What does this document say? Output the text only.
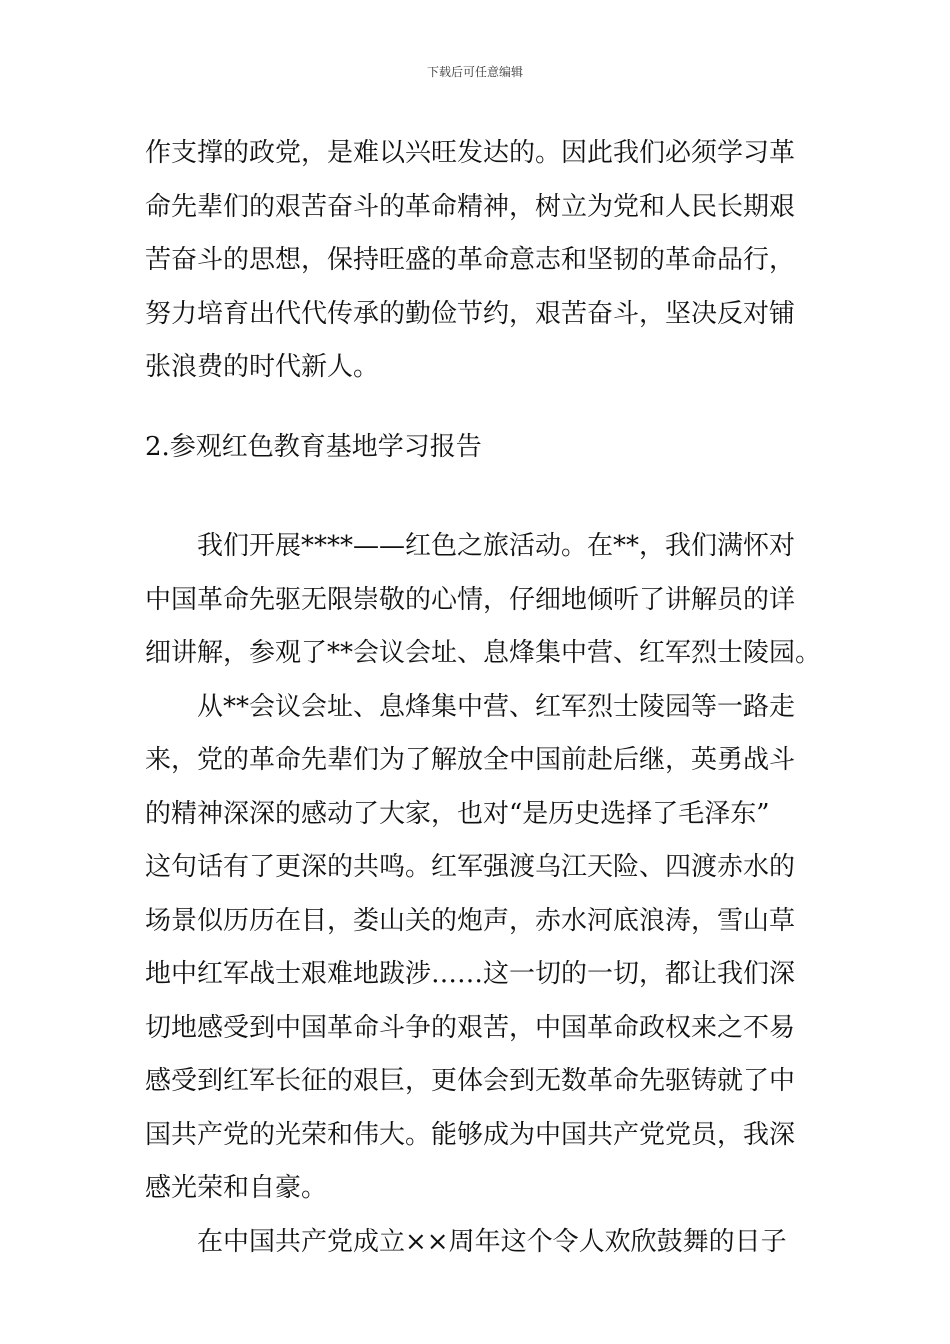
下载后可任意编辑
作支撑的政党，是难以兴旺发达的。因此我们必须学习革
命先辈们的艰苦奋斗的革命精神，树立为党和人民长期艰
苦奋斗的思想，保持旺盛的革命意志和坚韧的革命品行，
努力培育出代代传承的勤俭节约，艰苦奋斗，坚决反对铺
张浪费的时代新人。
2.参观红色教育基地学习报告
　　我们开展****——红色之旅活动。在**，我们满怀对
中国革命先驱无限崇敬的心情，仔细地倾听了讲解员的详
细讲解，参观了**会议会址、息烽集中营、红军烈士陵园。
　　从**会议会址、息烽集中营、红军烈士陵园等一路走
来，党的革命先辈们为了解放全中国前赴后继，英勇战斗
的精神深深的感动了大家，也对“是历史选择了毛泽东”
这句话有了更深的共鸣。红军强渡乌江天险、四渡赤水的
场景似历历在目，娄山关的炮声，赤水河底浪涛，雪山草
地中红军战士艰难地跋涉……这一切的一切，都让我们深
切地感受到中国革命斗争的艰苦，中国革命政权来之不易
感受到红军长征的艰巨，更体会到无数革命先驱铸就了中
国共产党的光荣和伟大。能够成为中国共产党党员，我深
感光荣和自豪。
　　在中国共产党成立××周年这个令人欢欣鼓舞的日子
